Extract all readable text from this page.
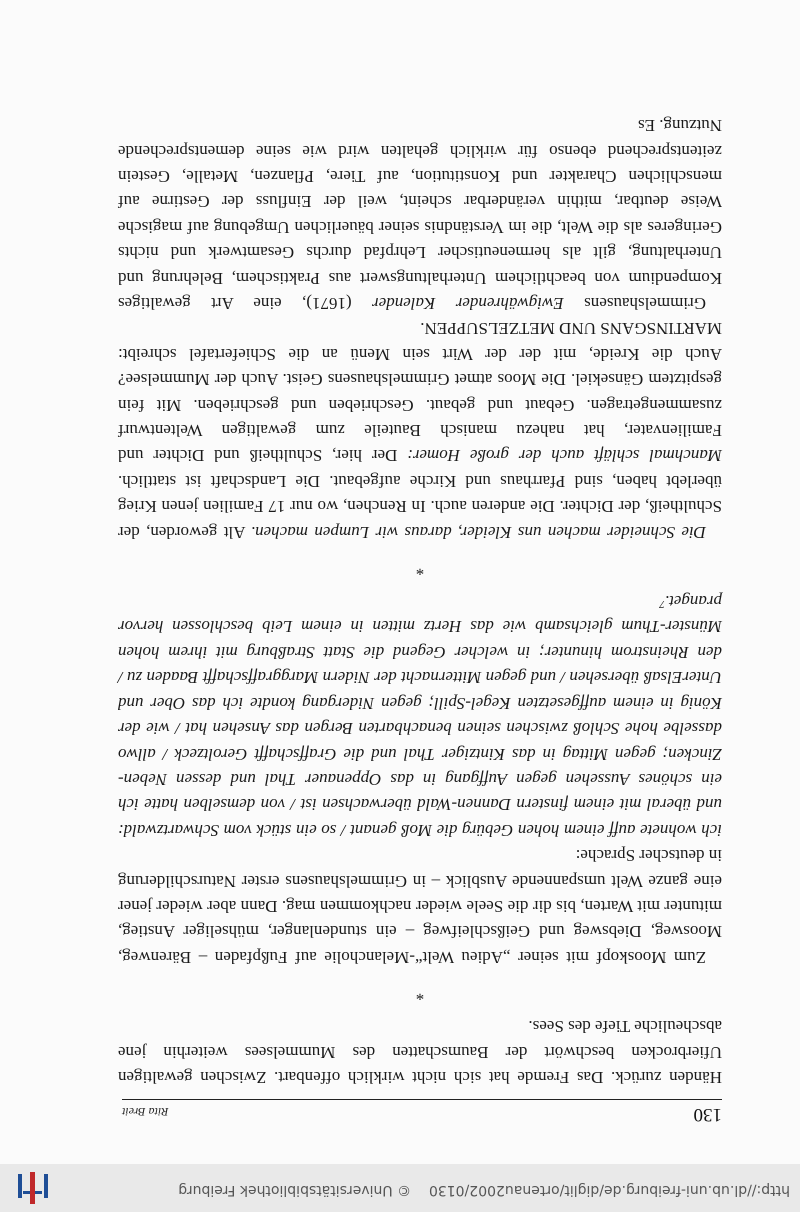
http://dl.ub.uni-freiburg.de/diglit/ortenau2002/0130    © Universitätsbibliothek Freiburg
130
Rita Breit

Händen zurück. Das Fremde hat sich nicht wirklich offenbart. Zwischen gewaltigen Ufierbrocken beschwört der Baumschatten des Mummelsees weiterhin jene abscheuliche Tiefe des Sees.

*

Zum Mooskopf mit seiner „Adieu Welt“-Melancholie auf Fußpfaden – Bärenweg, Moosweg, Diebsweg und Geißschleifweg – ein stundenlanger, mühseliger Anstieg, mitunter mit Warten, bis dir die Seele wieder nachkommen mag. Dann aber wieder jener eine ganze Welt umspannende Ausblick – in Grimmelshausens erster Naturschilderung in deutscher Sprache:

ich wohnete auff einem hohen Gebürg die Moß genant / so ein stück vom Schwartzwald: und überal mit einem finstern Dannen-Wald überwachsen ist / von demselben hatte ich ein schönes Aussehen gegen Auffgang in das Oppenauer Thal und dessen Neben-Zincken; gegen Mittag in das Kintziger Thal und die Graffschafft Geroltzeck / allwo dasselbe hohe Schloß zwischen seinen benachbarten Bergen das Ansehen hat / wie der König in einem auffgesetzten Kegel-Spill; gegen Nidergang kondte ich das Ober und UnterElsaß übersehen / und gegen Mitternacht der Nidern Marggraffschafft Baaden zu / den Rheinstrom hinunter; in welcher Gegend die Statt Straßburg mit ihrem hohen Münster-Thum gleichsamb wie das Hertz mitten in einem Leib beschlossen hervor pranget.$^7$

*

Die Schneider machen uns Kleider, daraus wir Lumpen machen. Alt geworden, der Schultheiß, der Dichter. Die anderen auch. In Renchen, wo nur 17 Familien jenen Krieg überlebt haben, sind Pfarrhaus und Kirche aufgebaut. Die Landschaft ist stattlich. Manchmal schläft auch der große Homer: Der hier, Schultheiß und Dichter und Familienvater, hat nahezu manisch Bauteile zum gewaltigen Weltentwurf zusammengetragen. Gebaut und gebaut. Geschrieben und geschrieben. Mit fein gespitztem Gänsekiel. Die Moos atmet Grimmelshausens Geist. Auch der Mummelsee? Auch die Kreide, mit der der Wirt sein Menü an die Schiefertafel schreibt: MARTINSGANS UND METZELSUPPEN.

Grimmelshausens Ewigwährender Kalender (1671), eine Art gewaltiges Kompendium von beachtlichem Unterhaltungswert aus Praktischem, Belehrung und Unterhaltung, gilt als hermeneutischer Lehrpfad durchs Gesamtwerk und nichts Geringeres als die Welt, die im Verständnis seiner bäuerlichen Umgebung auf magische Weise deutbar, mithin veränderbar scheint, weil der Einfluss der Gestirne auf menschlichen Charakter und Konstitution, auf Tiere, Pflanzen, Metalle, Gestein zeitentsprechend ebenso für wirklich gehalten wird wie seine dementsprechende Nutzung. Es
